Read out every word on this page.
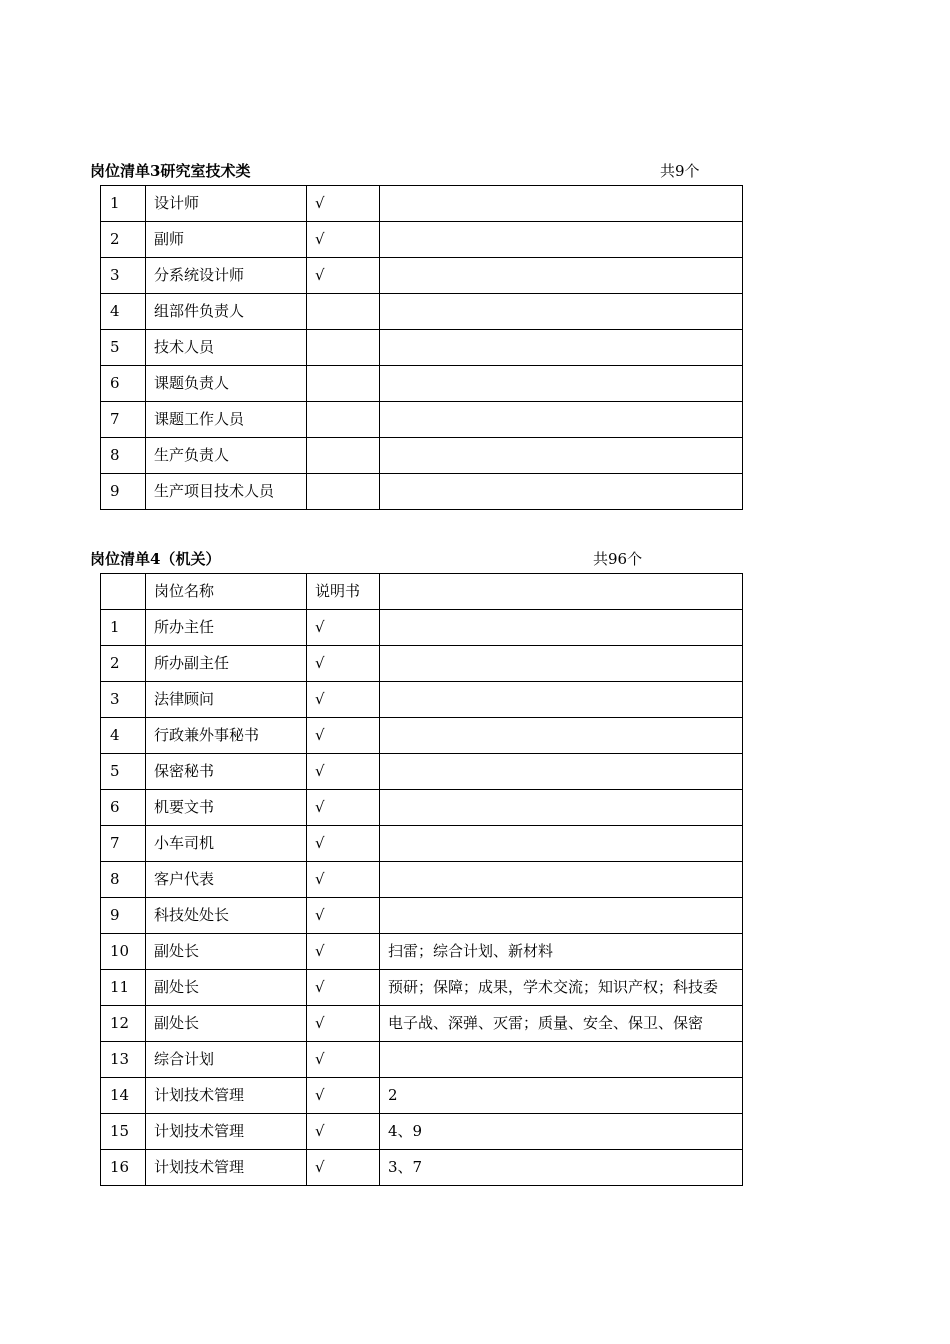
岗位清单3研究室技术类	共9个
1	设计师	√	
2	副师	√	
3	分系统设计师	√	
4	组部件负责人		
5	技术人员		
6	课题负责人		
7	课题工作人员		
8	生产负责人		
9	生产项目技术人员		
岗位清单4（机关）	共96个
	岗位名称	说明书	
1	所办主任	√	
2	所办副主任	√	
3	法律顾问	√	
4	行政兼外事秘书	√	
5	保密秘书	√	
6	机要文书	√	
7	小车司机	√	
8	客户代表	√	
9	科技处处长	√	
10	副处长	√	扫雷；综合计划、新材料
11	副处长	√	预研；保障；成果，学术交流；知识产权；科技委
12	副处长	√	电子战、深弹、灭雷；质量、安全、保卫、保密
13	综合计划	√	
14	计划技术管理	√	2
15	计划技术管理	√	4、9
16	计划技术管理	√	3、7
